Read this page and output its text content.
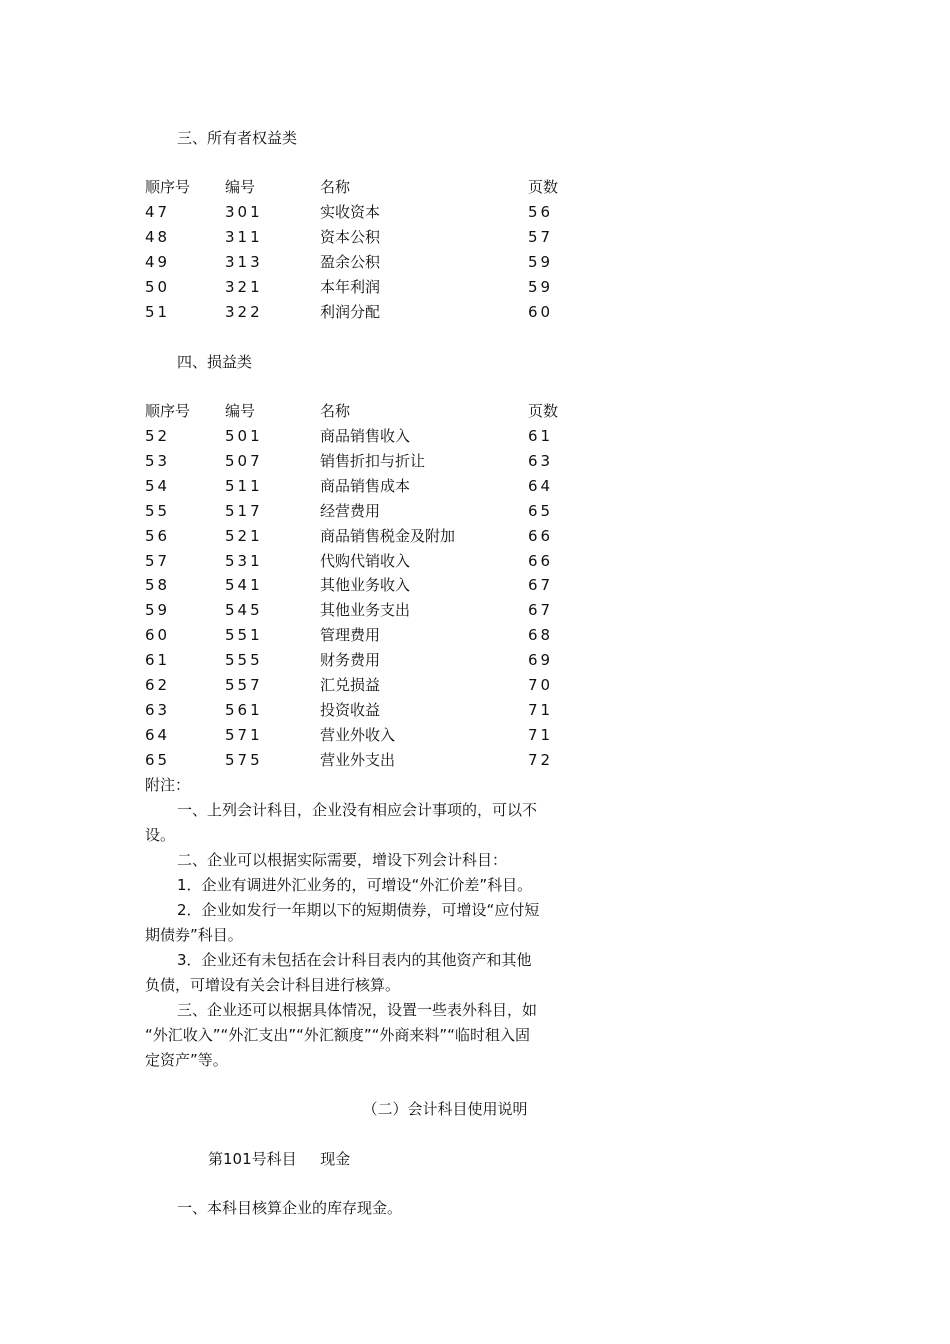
三、所有者权益类
顺序号 编号	名称	页数
47	301	实收资本	56
48	311	资本公积	57
49	313	盈余公积	59
50	321	本年利润	59
51	322	利润分配	60
四、损益类
顺序号 编号	名称	页数
52	501	商品销售收入	61
53	507	销售折扣与折让	63
54	511	商品销售成本	64
55	517	经营费用	65
56	521	商品销售税金及附加	66
57	531	代购代销收入	66
58	541	其他业务收入	67
59	545	其他业务支出	67
60	551	管理费用	68
61	555	财务费用	69
62	557	汇兑损益	70
63	561	投资收益	71
64	571	营业外收入	71
65	575	营业外支出	72
附注：
一、上列会计科目，企业没有相应会计事项的，可以不
设。
二、企业可以根据实际需要，增设下列会计科目：
1．企业有调进外汇业务的，可增设“外汇价差”科目。
2．企业如发行一年期以下的短期债券，可增设“应付短
期债券”科目。
3．企业还有未包括在会计科目表内的其他资产和其他
负债，可增设有关会计科目进行核算。
三、企业还可以根据具体情况，设置一些表外科目，如
“外汇收入”“外汇支出”“外汇额度”“外商来料”“临时租入固
定资产”等。
（二）会计科目使用说明
第101号科目 现金
一、本科目核算企业的库存现金。
